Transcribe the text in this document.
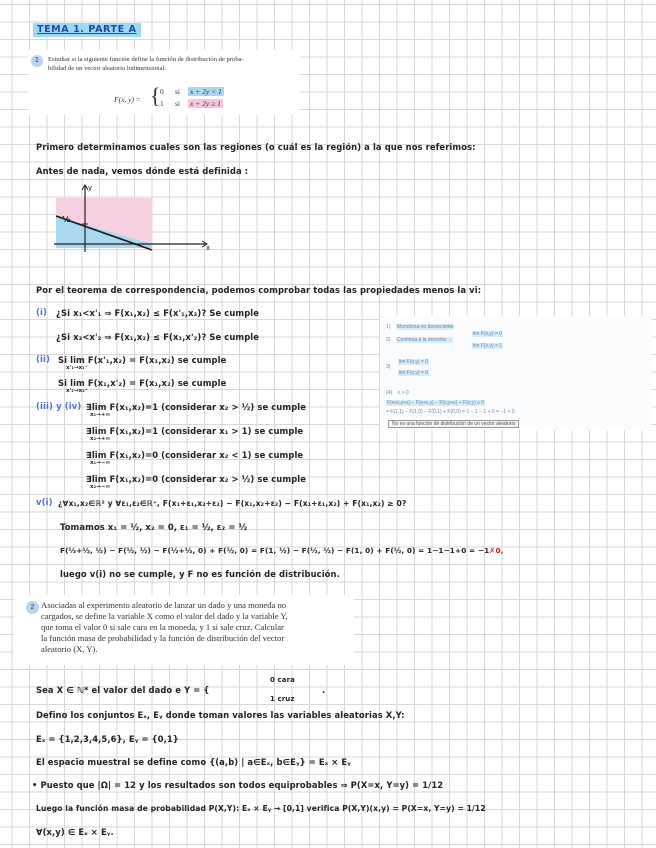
TEMA 1. PARTE A
1	Estudiar si la siguiente función define la función de distribución de proba-
bilidad de un vector aleatorio bidimensional:
F(x, y) = { 0 si x + 2y < 1
1 si x + 2y ≥ 1
Primero determinamos cuales son las regiones (o cuál es la región) a la que nos referimos:
Antes de nada, vemos dónde está definida :
y
x
½
Por el teorema de correspondencia, podemos comprobar todas las propiedades menos la vi:
(i) ¿Si x₁<x'₁ ⇒ F(x₁,x₂) ≤ F(x'₁,x₂)? Se cumple
¿Si x₂<x'₂ ⇒ F(x₁,x₂) ≤ F(x₁,x'₂)? Se cumple
(ii) Si lim F(x'₁,x₂) = F(x₁,x₂) se cumple
x'₁→x₁⁺
Si lim F(x₁,x'₂) = F(x₁,x₂) se cumple
x'₂→x₂⁺
(iii) y (iv) ∃lim F(x₁,x₂)=1 (considerar x₂ > ½) se cumple
x₁→+∞
∃lim F(x₁,x₂)=1 (considerar x₁ > 1) se cumple
x₂→+∞
∃lim F(x₁,x₂)=0 (considerar x₂ < 1) se cumple
x₁→−∞
∃lim F(x₁,x₂)=0 (considerar x₂ > ½) se cumple
x₂→−∞
v(i) ¿∀x₁,x₂∈ℝ² y ∀ε₁,ε₂∈ℝ⁺, F(x₁+ε₁,x₂+ε₂) − F(x₁,x₂+ε₂) − F(x₁+ε₁,x₂) + F(x₁,x₂) ≥ 0?
Tomamos x₁ = ½, x₂ = 0, ε₁ = ½, ε₂ = ½
F(½+½, ½) − F(½, ½) − F(½+½, 0) + F(½, 0) = F(1, ½) − F(½, ½) − F(1, 0) + F(½, 0) = 1−1−1+0 = −1✗0,
luego v(i) no se cumple, y F no es función de distribución.
1) Monótona no decreciente
2) Continua a la derecha →
lim F(x,y) = 0
lim F(x,y) = 1
3)
lim F(x,y) = 0
lim F(x,y) = 0
(4) ε > 0
F(x+ε,y+ε) − F(x+ε,y) − F(x,y+ε) + F(x,y) ≥ 0
= F(1,1) − F(1,0) − F(0,1) + F(0,0) = 1 − 1 − 1 + 0 = −1 < 0
No es una función de distribución de un vector aleatorio
2 Asociadas al experimento aleatorio de lanzar un dado y una moneda no
cargados, se define la variable X como el valor del dado y la variable Y,
que toma el valor 0 si sale cara en la moneda, y 1 si sale cruz. Calcular
la función masa de probabilidad y la función de distribución del vector
aleatorio (X, Y).
Sea X ∈ ℕ* el valor del dado e Y = {
0 cara
1 cruz
.
Defino los conjuntos Eₓ, Eᵧ donde toman valores las variables aleatorias X,Y:
Eₓ = {1,2,3,4,5,6}, Eᵧ = {0,1}
El espacio muestral se define como {(a,b) | a∈Eₓ, b∈Eᵧ} = Eₓ × Eᵧ
• Puesto que |Ω| = 12 y los resultados son todos equiprobables ⇒ P(X=x, Y=y) = 1/12
Luego la función masa de probabilidad P(X,Y): Eₓ × Eᵧ → [0,1] verifica P(X,Y)(x,y) = P(X=x, Y=y) = 1/12
∀(x,y) ∈ Eₓ × Eᵧ.
